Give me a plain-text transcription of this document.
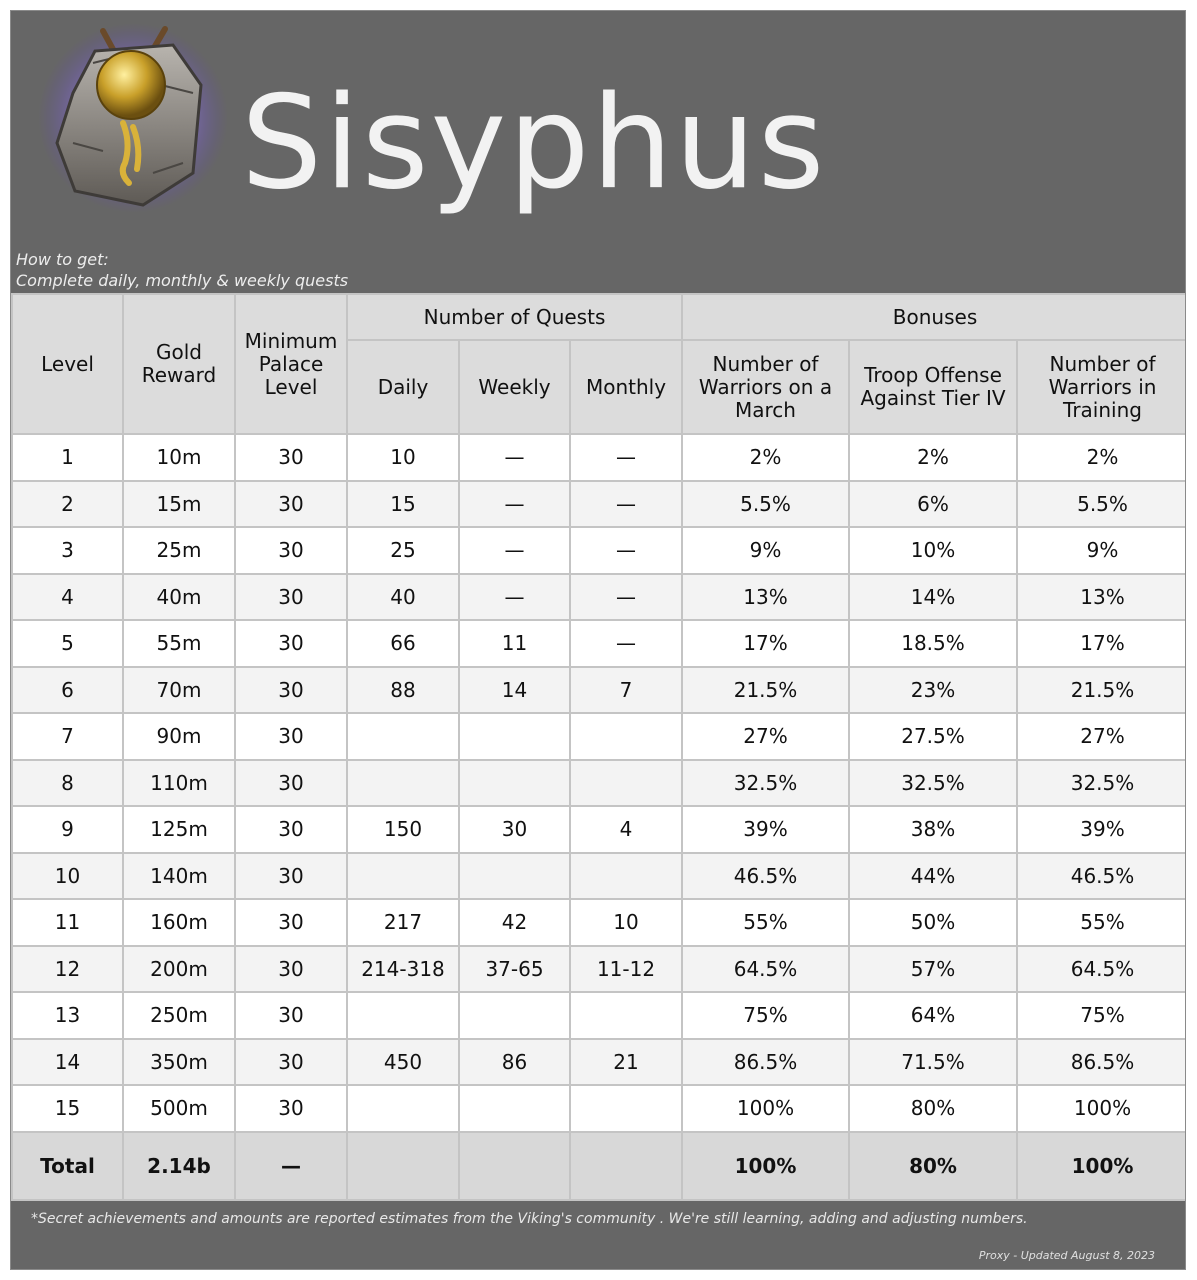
Sisyphus
How to get:
Complete daily, monthly & weekly quests
Level	Gold Reward	Minimum Palace Level	Number of Quests			Bonuses		
			Daily	Weekly	Monthly	Number of Warriors on a March	Troop Offense Against Tier IV	Number of Warriors in Training
1	10m	30	10	—	—	2%	2%	2%
2	15m	30	15	—	—	5.5%	6%	5.5%
3	25m	30	25	—	—	9%	10%	9%
4	40m	30	40	—	—	13%	14%	13%
5	55m	30	66	11	—	17%	18.5%	17%
6	70m	30	88	14	7	21.5%	23%	21.5%
7	90m	30				27%	27.5%	27%
8	110m	30				32.5%	32.5%	32.5%
9	125m	30	150	30	4	39%	38%	39%
10	140m	30				46.5%	44%	46.5%
11	160m	30	217	42	10	55%	50%	55%
12	200m	30	214-318	37-65	11-12	64.5%	57%	64.5%
13	250m	30				75%	64%	75%
14	350m	30	450	86	21	86.5%	71.5%	86.5%
15	500m	30				100%	80%	100%
Total	2.14b	—				100%	80%	100%
*Secret achievements and amounts are reported estimates from the Viking's community . We're still learning, adding and adjusting numbers.
Proxy - Updated August 8, 2023
